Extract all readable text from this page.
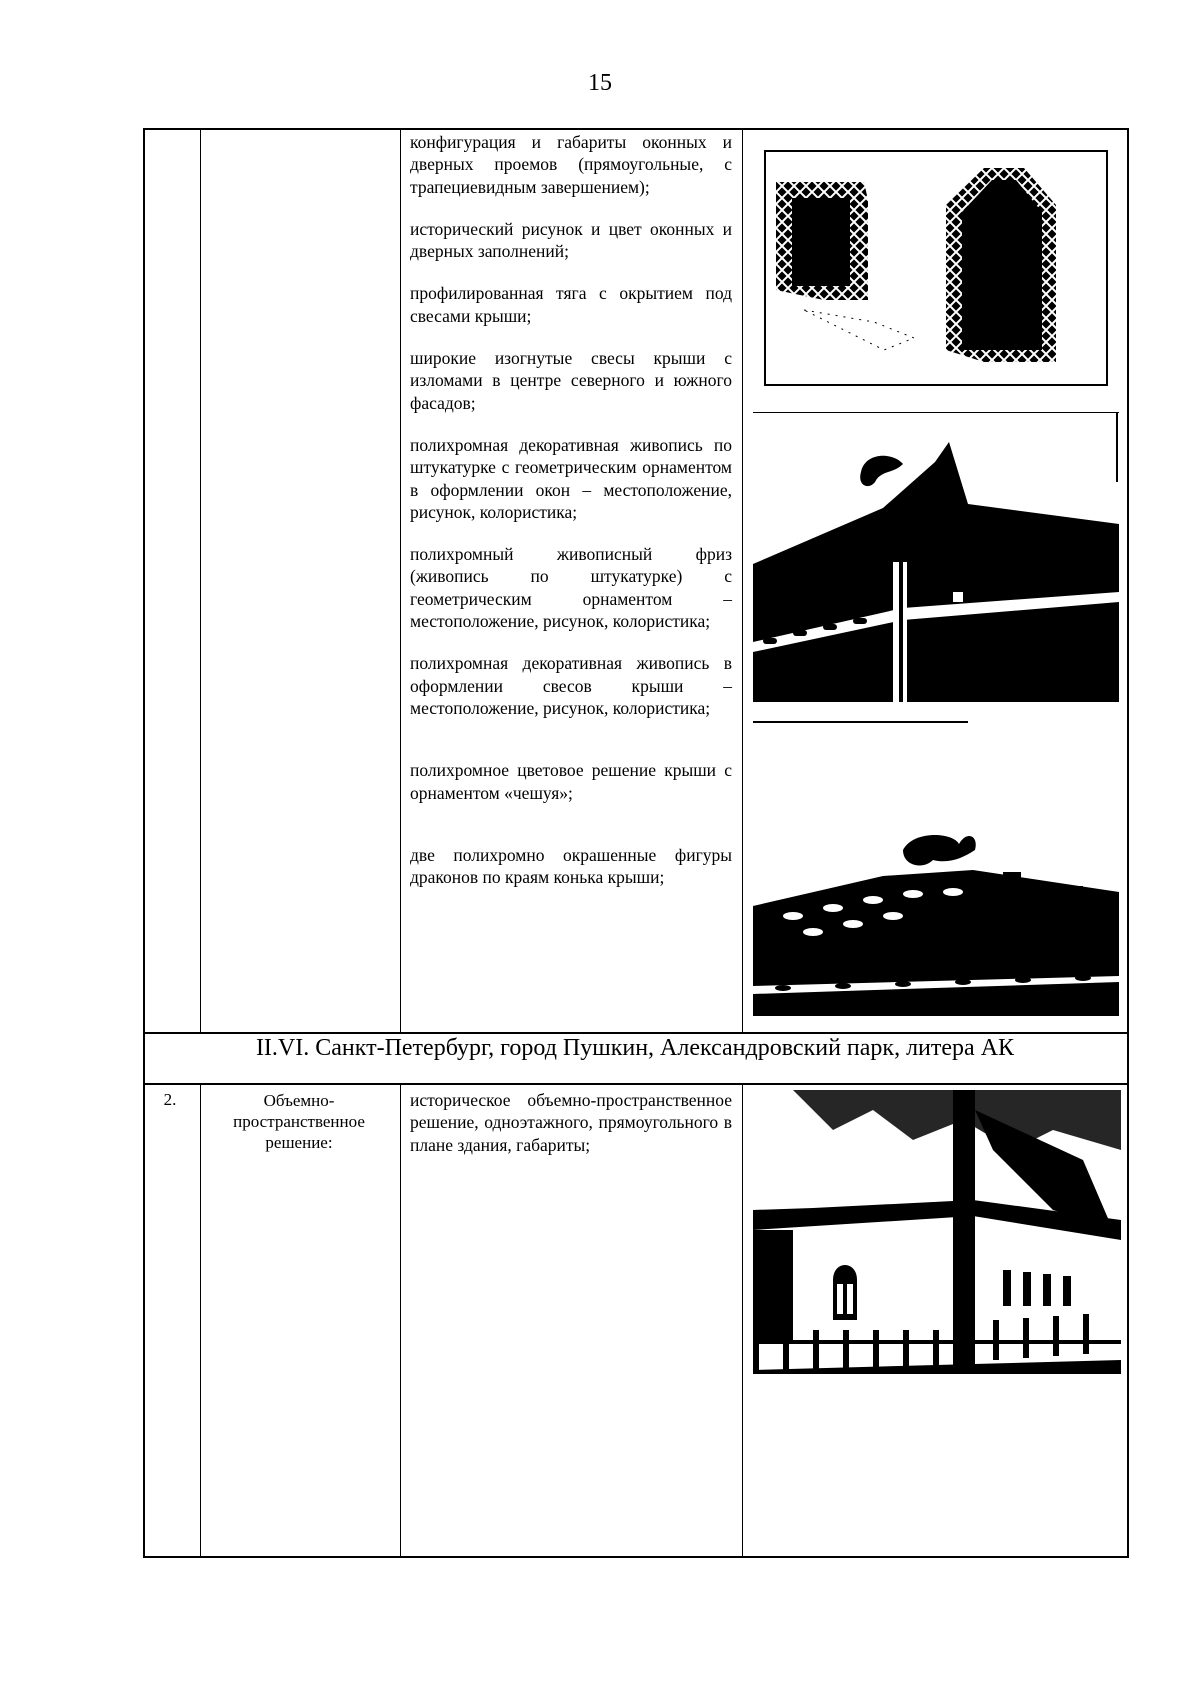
15

конфигурация и габариты оконных и дверных проемов (прямоугольные, с трапециевидным завершением);

исторический рисунок и цвет оконных и дверных заполнений;

профилированная тяга с окрытием под свесами крыши;

широкие изогнутые свесы крыши с изломами в центре северного и южного фасадов;

полихромная декоративная живопись по штукатурке с геометрическим орнаментом в оформлении окон – местоположение, рисунок, колористика;

полихромный живописный фриз (живопись по штукатурке) с геометрическим орнаментом – местоположение, рисунок, колористика;

полихромная декоративная живопись в оформлении свесов крыши – местоположение, рисунок, колористика;

полихромное цветовое решение крыши с орнаментом «чешуя»;

две полихромно окрашенные фигуры драконов по краям конька крыши;

II.VI. Санкт-Петербург, город Пушкин, Александровский парк, литера АК
2.	Объемно-пространственное решение:

историческое объемно-пространственное решение, одноэтажного, прямоугольного в плане здания, габариты;
